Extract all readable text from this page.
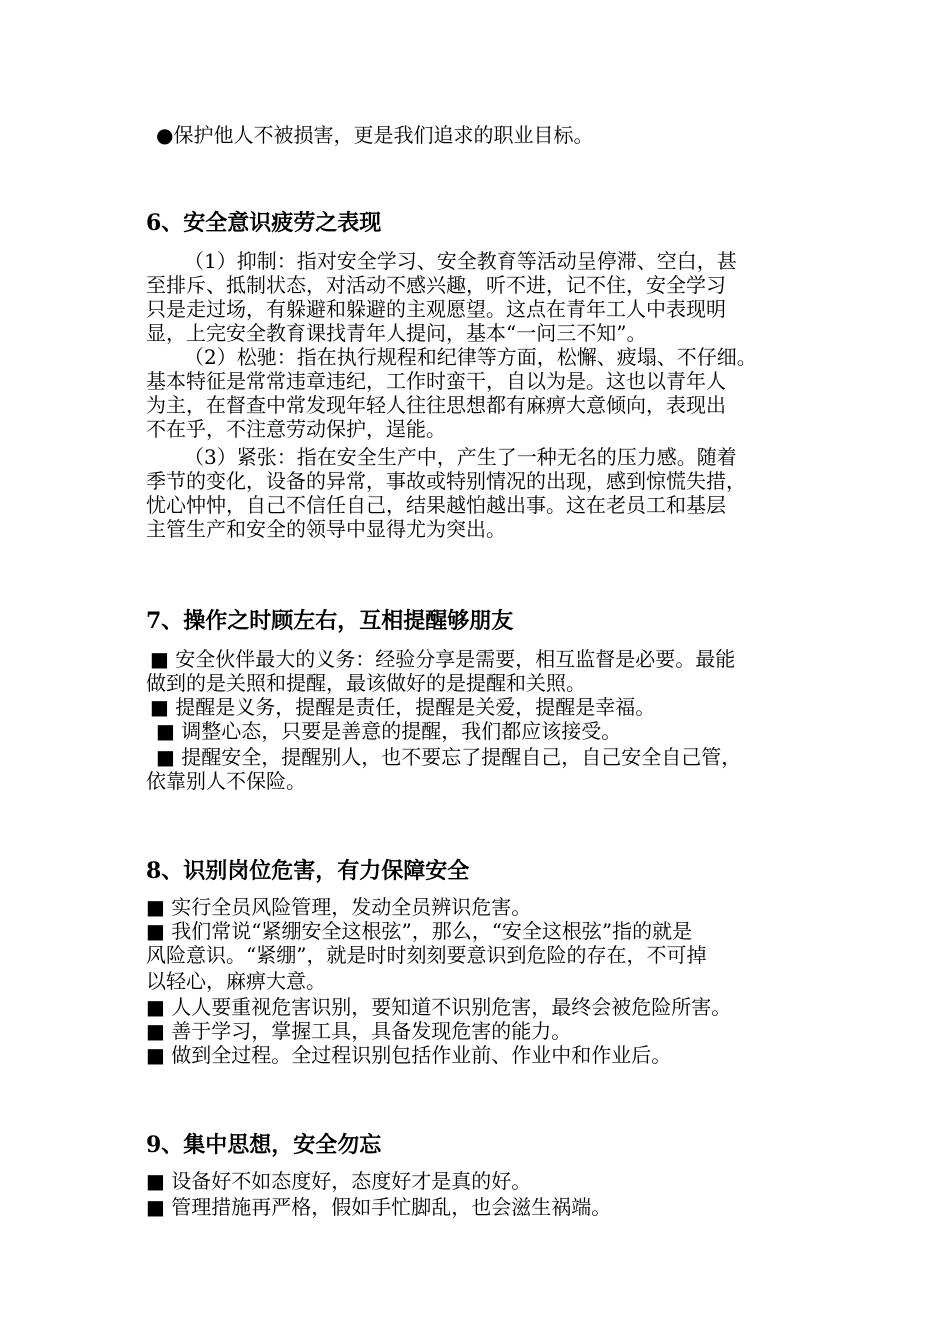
●保护他人不被损害，更是我们追求的职业目标。
6、安全意识疲劳之表现
（1）抑制：指对安全学习、安全教育等活动呈停滞、空白，甚
至排斥、抵制状态，对活动不感兴趣，听不进，记不住，安全学习
只是走过场，有躲避和躲避的主观愿望。这点在青年工人中表现明
显，上完安全教育课找青年人提问，基本“一问三不知”。
（2）松驰：指在执行规程和纪律等方面，松懈、疲塌、不仔细。
基本特征是常常违章违纪，工作时蛮干，自以为是。这也以青年人
为主，在督查中常发现年轻人往往思想都有麻痹大意倾向，表现出
不在乎，不注意劳动保护，逞能。
（3）紧张：指在安全生产中，产生了一种无名的压力感。随着
季节的变化，设备的异常，事故或特别情况的出现，感到惊慌失措，
忧心忡忡，自己不信任自己，结果越怕越出事。这在老员工和基层
主管生产和安全的领导中显得尤为突出。
7、操作之时顾左右，互相提醒够朋友
■ 安全伙伴最大的义务：经验分享是需要，相互监督是必要。最能
做到的是关照和提醒，最该做好的是提醒和关照。
■ 提醒是义务，提醒是责任，提醒是关爱，提醒是幸福。
■ 调整心态，只要是善意的提醒，我们都应该接受。
■ 提醒安全，提醒别人，也不要忘了提醒自己，自己安全自己管，
依靠别人不保险。
8、识别岗位危害，有力保障安全
■ 实行全员风险管理，发动全员辨识危害。
■ 我们常说“紧绷安全这根弦”，那么，“安全这根弦”指的就是
风险意识。“紧绷”，就是时时刻刻要意识到危险的存在，不可掉
以轻心，麻痹大意。
■ 人人要重视危害识别，要知道不识别危害，最终会被危险所害。
■ 善于学习，掌握工具，具备发现危害的能力。
■ 做到全过程。全过程识别包括作业前、作业中和作业后。
9、集中思想，安全勿忘
■ 设备好不如态度好，态度好才是真的好。
■ 管理措施再严格，假如手忙脚乱，也会滋生祸端。
